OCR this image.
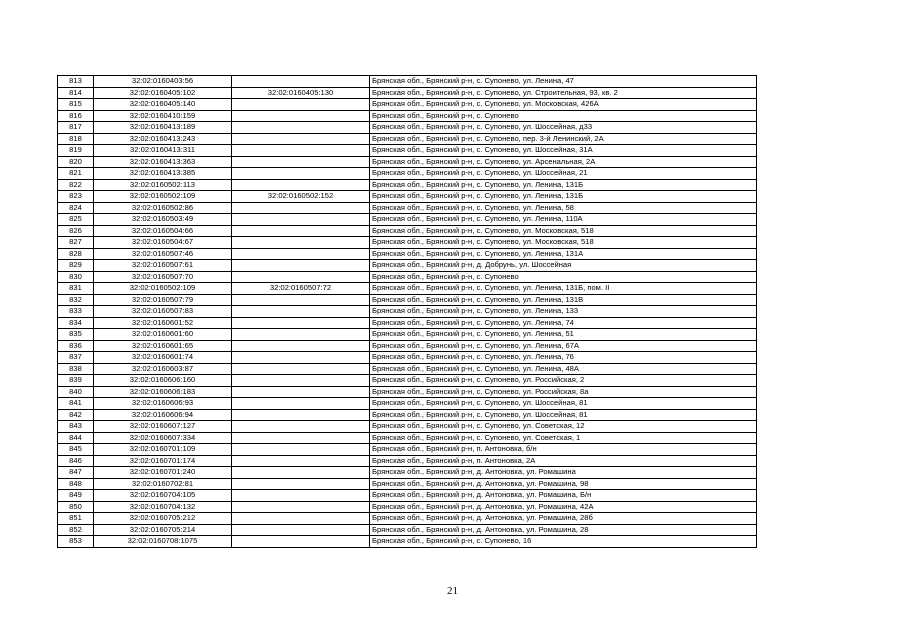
813	32:02:0160403:56		Брянская обл., Брянский р-н, с. Супонево, ул. Ленина, 47
814	32:02:0160405:102	32:02:0160405:130	Брянская обл., Брянский р-н, с. Супонево, ул. Строительная, 93, кв. 2
815	32:02:0160405:140		Брянская обл., Брянский р-н, с. Супонево, ул. Московская, 426А
816	32:02:0160410:159		Брянская обл., Брянский р-н, с. Супонево
817	32:02:0160413:189		Брянская обл., Брянский р-н, с. Супонево, ул. Шоссейная, д33
818	32:02:0160413:243		Брянская обл., Брянский р-н, с. Супонево, пер. 3-й Ленинский, 2А
819	32:02:0160413:311		Брянская обл., Брянский р-н, с. Супонево, ул. Шоссейная, 31А
820	32:02:0160413:363		Брянская обл., Брянский р-н, с. Супонево, ул. Арсенальная, 2А
821	32:02:0160413:385		Брянская обл., Брянский р-н, с. Супонево, ул. Шоссейная, 21
822	32:02:0160502:113		Брянская обл., Брянский р-н, с. Супонево, ул. Ленина, 131Б
823	32:02:0160502:109	32:02:0160502:152	Брянская обл., Брянский р-н, с. Супонево, ул. Ленина, 131Б
824	32:02:0160502:86		Брянская обл., Брянский р-н, с. Супонево, ул. Ленина, 58
825	32:02:0160503:49		Брянская обл., Брянский р-н, с. Супонево, ул. Ленина, 110А
826	32:02:0160504:66		Брянская обл., Брянский р-н, с. Супонево, ул. Московская, 518
827	32:02:0160504:67		Брянская обл., Брянский р-н, с. Супонево, ул. Московская, 518
828	32:02:0160507:46		Брянская обл., Брянский р-н, с. Супонево, ул. Ленина, 131А
829	32:02:0160507:61		Брянская обл., Брянский р-н, д. Добрунь, ул. Шоссейная
830	32:02:0160507:70		Брянская обл., Брянский р-н, с. Супонево
831	32:02:0160502:109	32:02:0160507:72	Брянская обл., Брянский р-н, с. Супонево, ул. Ленина, 131Б, пом. II
832	32:02:0160507:79		Брянская обл., Брянский р-н, с. Супонево, ул. Ленина, 131В
833	32:02:0160507:83		Брянская обл., Брянский р-н, с. Супонево, ул. Ленина, 133
834	32:02:0160601:52		Брянская обл., Брянский р-н, с. Супонево, ул. Ленина, 74
835	32:02:0160601:60		Брянская обл., Брянский р-н, с. Супонево, ул. Ленина, 51
836	32:02:0160601:65		Брянская обл., Брянский р-н, с. Супонево, ул. Ленина, 67А
837	32:02:0160601:74		Брянская обл., Брянский р-н, с. Супонево, ул. Ленина, 76
838	32:02:0160603:87		Брянская обл., Брянский р-н, с. Супонево, ул. Ленина, 48А
839	32:02:0160606:160		Брянская обл., Брянский р-н, с. Супонево, ул. Российская, 2
840	32:02:0160606:183		Брянская обл., Брянский р-н, с. Супонево, ул. Российская, 8а
841	32:02:0160606:93		Брянская обл., Брянский р-н, с. Супонево, ул. Шоссейная, 81
842	32:02:0160606:94		Брянская обл., Брянский р-н, с. Супонево, ул. Шоссейная, 81
843	32:02:0160607:127		Брянская обл., Брянский р-н, с. Супонево, ул. Советская, 12
844	32:02:0160607:334		Брянская обл., Брянский р-н, с. Супонево, ул. Советская, 1
845	32:02:0160701:109		Брянская обл., Брянский р-н, п. Антоновка, б/н
846	32:02:0160701:174		Брянская обл., Брянский р-н, п. Антоновка, 2А
847	32:02:0160701:240		Брянская обл., Брянский р-н, д. Антоновка, ул. Ромашина
848	32:02:0160702:81		Брянская обл., Брянский р-н, д. Антоновка, ул. Ромашина, 98
849	32:02:0160704:105		Брянская обл., Брянский р-н, д. Антоновка, ул. Ромашина, Б/н
850	32:02:0160704:132		Брянская обл., Брянский р-н, д. Антоновка, ул. Ромашина, 42А
851	32:02:0160705:212		Брянская обл., Брянский р-н, д. Антоновка, ул. Ромашина, 28б
852	32:02:0160705:214		Брянская обл., Брянский р-н, д. Антоновка, ул. Ромашина, 28
853	32:02:0160708:1075		Брянская обл., Брянский р-н, с. Супонево, 16
21
